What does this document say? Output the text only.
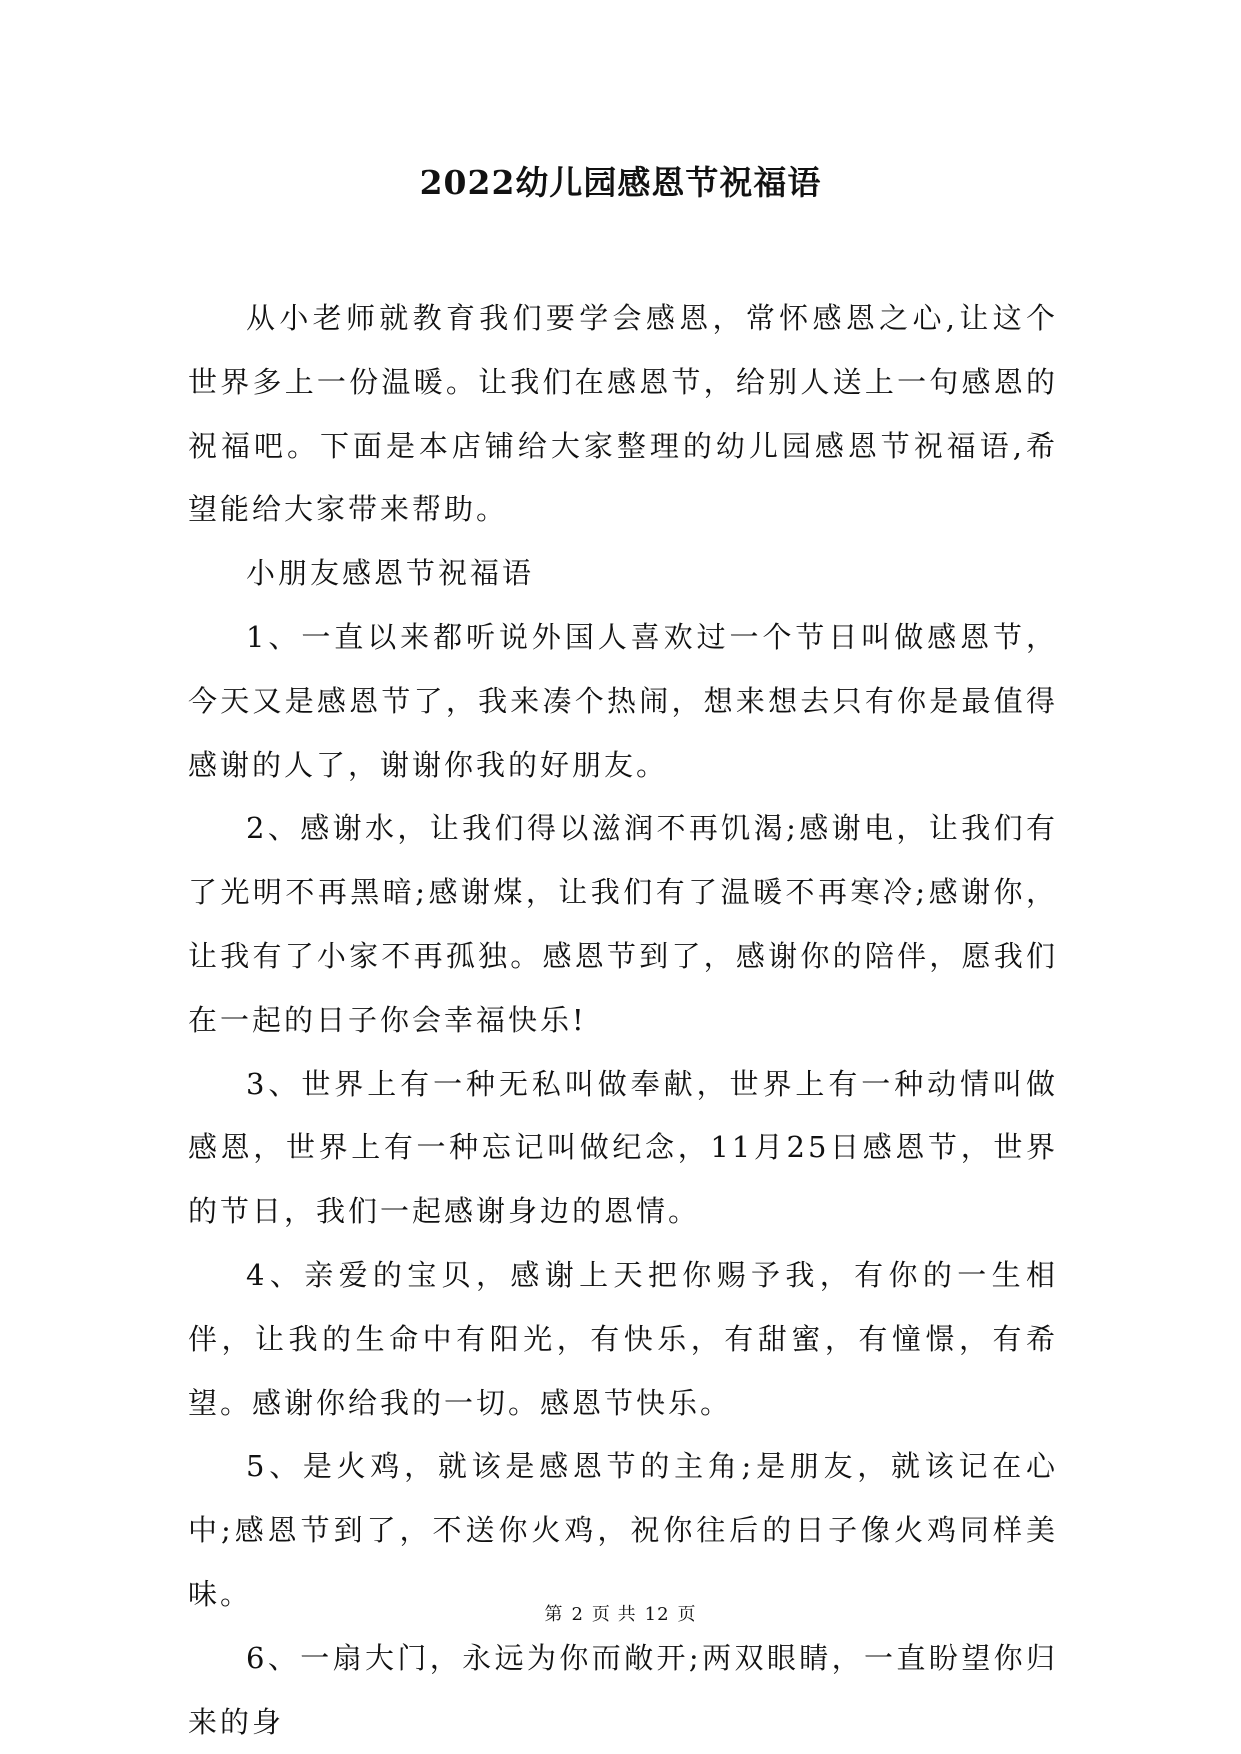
2022幼儿园感恩节祝福语

从小老师就教育我们要学会感恩，常怀感恩之心,让这个世界多上一份温暖。让我们在感恩节，给别人送上一句感恩的祝福吧。下面是本店铺给大家整理的幼儿园感恩节祝福语,希望能给大家带来帮助。

小朋友感恩节祝福语

1、一直以来都听说外国人喜欢过一个节日叫做感恩节，今天又是感恩节了，我来凑个热闹，想来想去只有你是最值得感谢的人了，谢谢你我的好朋友。

2、感谢水，让我们得以滋润不再饥渴;感谢电，让我们有了光明不再黑暗;感谢煤，让我们有了温暖不再寒冷;感谢你，让我有了小家不再孤独。感恩节到了，感谢你的陪伴，愿我们在一起的日子你会幸福快乐!

3、世界上有一种无私叫做奉献，世界上有一种动情叫做感恩，世界上有一种忘记叫做纪念，11月25日感恩节，世界的节日，我们一起感谢身边的恩情。

4、亲爱的宝贝，感谢上天把你赐予我，有你的一生相伴，让我的生命中有阳光，有快乐，有甜蜜，有憧憬，有希望。感谢你给我的一切。感恩节快乐。

5、是火鸡，就该是感恩节的主角;是朋友，就该记在心中;感恩节到了，不送你火鸡，祝你往后的日子像火鸡同样美味。

6、一扇大门，永远为你而敞开;两双眼睛，一直盼望你归来的身

第 2 页 共 12 页
